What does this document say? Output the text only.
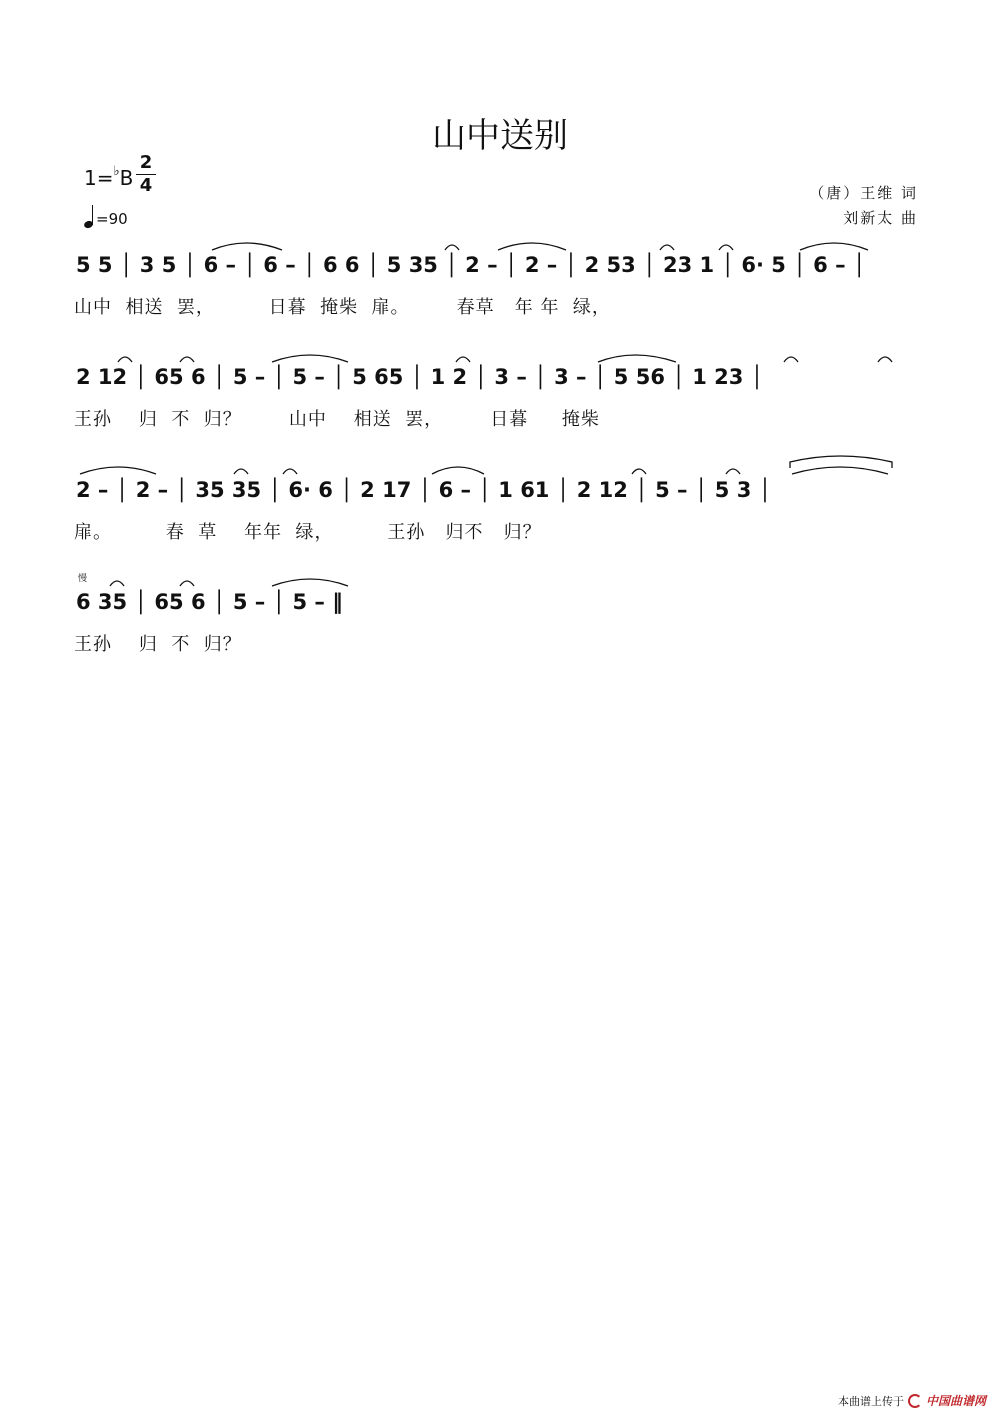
山中送别
1=♭B
2
4
=90
（唐）王维 词
刘新太 曲
5 5 │ 3 5 │ 6 – │ 6 – │ 6 6 │ 5 35 │ 2 – │ 2 – │ 2 53 │ 23 1 │ 6· 5 │ 6 – │
山中  相送  罢，        日暮  掩柴  扉。       春草   年 年  绿，
2 12 │ 65 6 │ 5 – │ 5 – │ 5 65 │ 1 2 │ 3 – │ 3 – │ 5 56 │ 1 23 │
王孙    归  不  归？       山中    相送  罢，       日暮     掩柴
2 – │ 2 – │ 35 35 │ 6· 6 │ 2 17 │ 6 – │ 1 61 │ 2 12 │ 5 – │ 5 3 │
扉。        春  草    年年  绿，        王孙   归不   归？
慢
6 35 │ 65 6 │ 5 – │ 5 – ‖
王孙    归  不  归？
本曲谱上传于 中国曲谱网
